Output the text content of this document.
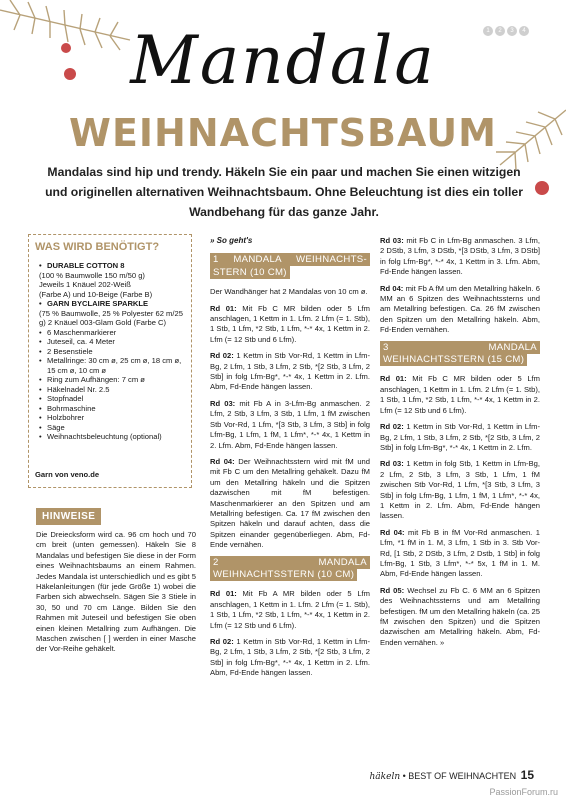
1	2	3	4
Mandala
WEIHNACHTSBAUM
Mandalas sind hip und trendy. Häkeln Sie ein paar und machen Sie einen witzigen und originellen alternativen Weihnachtsbaum. Ohne Beleuchtung ist dies ein toller Wandbehang für das ganze Jahr.
WAS WIRD BENÖTIGT?
• DURABLE COTTON 8
(100 % Baumwolle 150 m/50 g)
Jeweils 1 Knäuel 202-Weiß
(Farbe A) und 10-Beige (Farbe B)
• GARN BYCLAIRE SPARKLE
(75 % Baumwolle, 25 % Polyester 62 m/25 g) 2 Knäuel 003-Glam Gold (Farbe C)
• 6 Maschenmarkierer
• Juteseil, ca. 4 Meter
• 2 Besenstiele
• Metallringe: 30 cm ø, 25 cm ø, 18 cm ø, 15 cm ø, 10 cm ø
• Ring zum Aufhängen: 7 cm ø
• Häkelnadel Nr. 2.5
• Stopfnadel
• Bohrmaschine
• Holzbohrer
• Säge
• Weihnachtsbeleuchtung (optional)
Garn von veno.de
HINWEISE
Die Dreiecksform wird ca. 96 cm hoch und 70 cm breit (unten gemessen). Häkeln Sie 8 Mandalas und befestigen Sie diese in der Form eines Weihnachtsbaums an einem Rahmen. Jedes Mandala ist unterschiedlich und es gibt 5 Häkelanleitungen (für jede Größe 1) wobei die Farben sich abwechseln. Sägen Sie 3 Stiele in 30, 50 und 70 cm Länge. Bilden Sie den Rahmen mit Juteseil und befestigen Sie oben einen kleinen Metallring zum Aufhängen. Die Maschen zwischen [ ] werden in einer Masche der Vor-Reihe gehäkelt.
» So geht's
1 MANDALA WEIHNACHTS-STERN (10 CM)

Der Wandhänger hat 2 Mandalas von 10 cm ø.

Rd 01: Mit Fb C MR bilden oder 5 Lfm anschlagen, 1 Kettm in 1. Lfm. 2 Lfm (= 1. Stb), 1 Stb, 1 Lfm, *2 Stb, 1 Lfm, *-* 4x, 1 Kettm in 2. Lfm (= 12 Stb und 6 Lfm).

Rd 02: 1 Kettm in Stb Vor-Rd, 1 Kettm in Lfm-Bg, 2 Lfm, 1 Stb, 3 Lfm, 2 Stb, *[2 Stb, 3 Lfm, 2 Stb] in folg Lfm-Bg*, *-* 4x, 1 Kettm in 2. Lfm. Abm, Fd-Ende hängen lassen.

Rd 03: mit Fb A in 3-Lfm-Bg anmaschen. 2 Lfm, 2 Stb, 3 Lfm, 3 Stb, 1 Lfm, 1 fM zwischen Stb Vor-Rd, 1 Lfm, *[3 Stb, 3 Lfm, 3 Stb] in folg Lfm-Bg, 1 Lfm, 1 fM, 1 Lfm*, *-* 4x, 1 Kettm in 2. Lfm. Abm, Fd-Ende hängen lassen.

Rd 04: Der Weihnachtsstern wird mit fM und mit Fb C um den Metallring gehäkelt. Dazu fM um den Metallring häkeln und die Spitzen dazwischen mit fM befestigen. Maschenmarkierer an den Spitzen und am Metallring befestigen. Ca. 17 fM zwischen den Spitzen häkeln und darauf achten, dass die Spitzen einander gegenüberliegen. Abm, Fd-Ende vernähen.

2 MANDALA WEIHNACHTSSTERN (10 CM)

Rd 01: Mit Fb A MR bilden oder 5 Lfm anschlagen, 1 Kettm in 1. Lfm. 2 Lfm (= 1. Stb), 1 Stb, 1 Lfm, *2 Stb, 1 Lfm, *-* 4x, 1 Kettm in 2. Lfm (= 12 Stb und 6 Lfm).

Rd 02: 1 Kettm in Stb Vor-Rd, 1 Kettm in Lfm-Bg, 2 Lfm, 1 Stb, 3 Lfm, 2 Stb, *[2 Stb, 3 Lfm, 2 Stb] in folg Lfm-Bg*, *-* 4x, 1 Kettm in 2. Lfm. Abm, Fd-Ende hängen lassen.

Rd 03: mit Fb C in Lfm-Bg anmaschen. 3 Lfm, 2 DStb, 3 Lfm, 3 DStb, *[3 DStb, 3 Lfm, 3 DStb] in folg Lfm-Bg*, *-* 4x, 1 Kettm in 3. Lfm. Abm, Fd-Ende hängen lassen.

Rd 04: mit Fb A fM um den Metallring häkeln. 6 MM an 6 Spitzen des Weihnachtssterns und am Metallring befestigen. Ca. 26 fM zwischen den Spitzen um den Metallring häkeln. Abm, Fd-Enden vernähen.

3 MANDALA WEIHNACHTSSTERN (15 CM)

Rd 01: Mit Fb C MR bilden oder 5 Lfm anschlagen, 1 Kettm in 1. Lfm. 2 Lfm (= 1. Stb), 1 Stb, 1 Lfm, *2 Stb, 1 Lfm, *-* 4x, 1 Kettm in 2. Lfm (= 12 Stb und 6 Lfm).

Rd 02: 1 Kettm in Stb Vor-Rd, 1 Kettm in Lfm-Bg, 2 Lfm, 1 Stb, 3 Lfm, 2 Stb, *[2 Stb, 3 Lfm, 2 Stb] in folg Lfm-Bg*, *-* 4x, 1 Kettm in 2. Lfm.

Rd 03: 1 Kettm in folg Stb, 1 Kettm in Lfm-Bg, 2 Lfm, 2 Stb, 3 Lfm, 3 Stb, 1 Lfm, 1 fM zwischen Stb Vor-Rd, 1 Lfm, *[3 Stb, 3 Lfm, 3 Stb] in folg Lfm-Bg, 1 Lfm, 1 fM, 1 Lfm*, *-* 4x, 1 Kettm in 2. Lfm. Abm, Fd-Ende hängen lassen.

Rd 04: mit Fb B in fM Vor-Rd anmaschen. 1 Lfm, *1 fM in 1. M, 3 Lfm, 1 Stb in 3. Stb Vor-Rd, [1 Stb, 2 DStb, 3 Lfm, 2 Dstb, 1 Stb] in folg Lfm-Bg, 1 Stb, 3 Lfm*, *-* 5x, 1 fM in 1. M. Abm, Fd-Ende hängen lassen.

Rd 05: Wechsel zu Fb C. 6 MM an 6 Spitzen des Weihnachtssterns und am Metallring befestigen. fM um den Metallring häkeln (ca. 25 fM zwischen den Spitzen) und die Spitzen dazwischen am Metallring häkeln. Abm, Fd-Enden vernähen. »

häkeln • BEST OF WEIHNACHTEN 15
PassionForum.ru
